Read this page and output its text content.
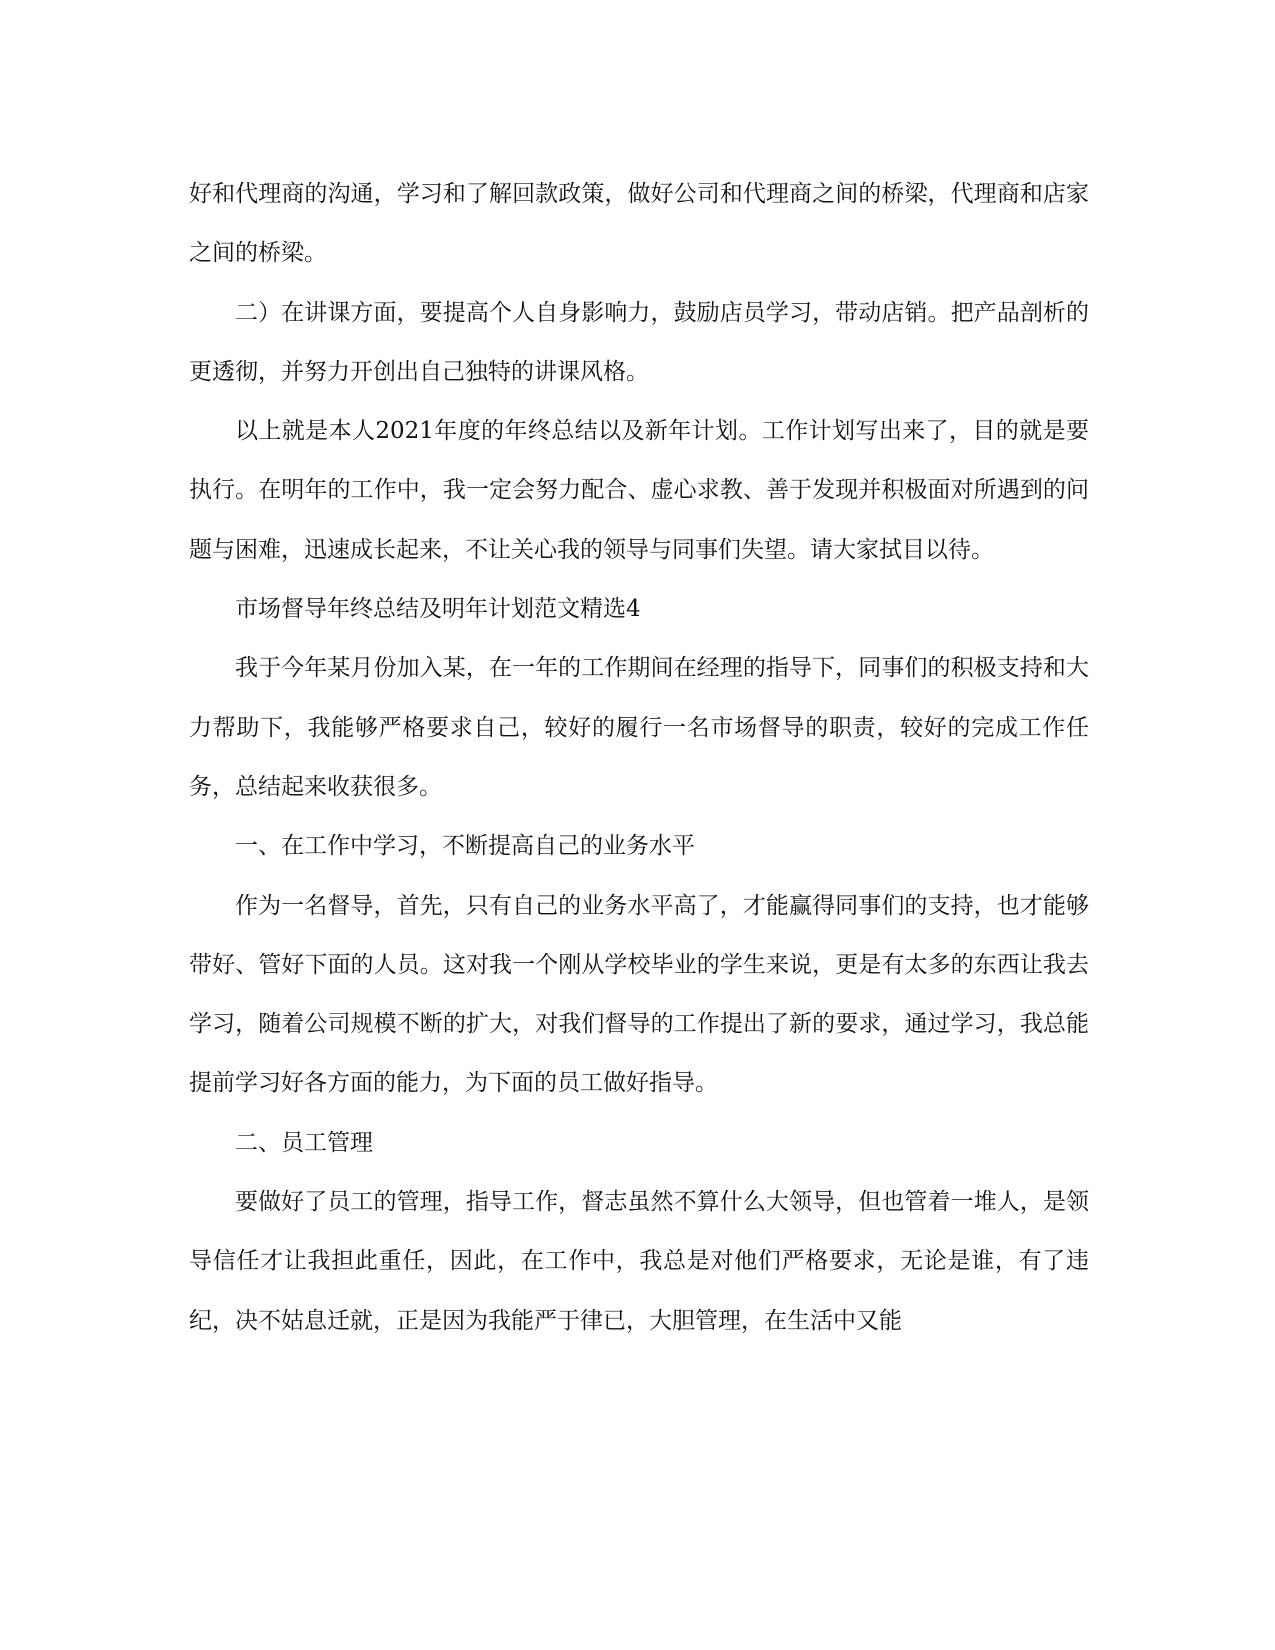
好和代理商的沟通，学习和了解回款政策，做好公司和代理商之间的桥梁，代理商和店家之间的桥梁。

二）在讲课方面，要提高个人自身影响力，鼓励店员学习，带动店销。把产品剖析的更透彻，并努力开创出自己独特的讲课风格。

以上就是本人2021年度的年终总结以及新年计划。工作计划写出来了，目的就是要执行。在明年的工作中，我一定会努力配合、虚心求教、善于发现并积极面对所遇到的问题与困难，迅速成长起来，不让关心我的领导与同事们失望。请大家拭目以待。

市场督导年终总结及明年计划范文精选4

我于今年某月份加入某，在一年的工作期间在经理的指导下，同事们的积极支持和大力帮助下，我能够严格要求自己，较好的履行一名市场督导的职责，较好的完成工作任务，总结起来收获很多。

一、在工作中学习，不断提高自己的业务水平

作为一名督导，首先，只有自己的业务水平高了，才能赢得同事们的支持，也才能够带好、管好下面的人员。这对我一个刚从学校毕业的学生来说，更是有太多的东西让我去学习，随着公司规模不断的扩大，对我们督导的工作提出了新的要求，通过学习，我总能提前学习好各方面的能力，为下面的员工做好指导。

二、员工管理

要做好了员工的管理，指导工作，督志虽然不算什么大领导，但也管着一堆人，是领导信任才让我担此重任，因此，在工作中，我总是对他们严格要求，无论是谁，有了违纪，决不姑息迁就，正是因为我能严于律已，大胆管理，在生活中又能
